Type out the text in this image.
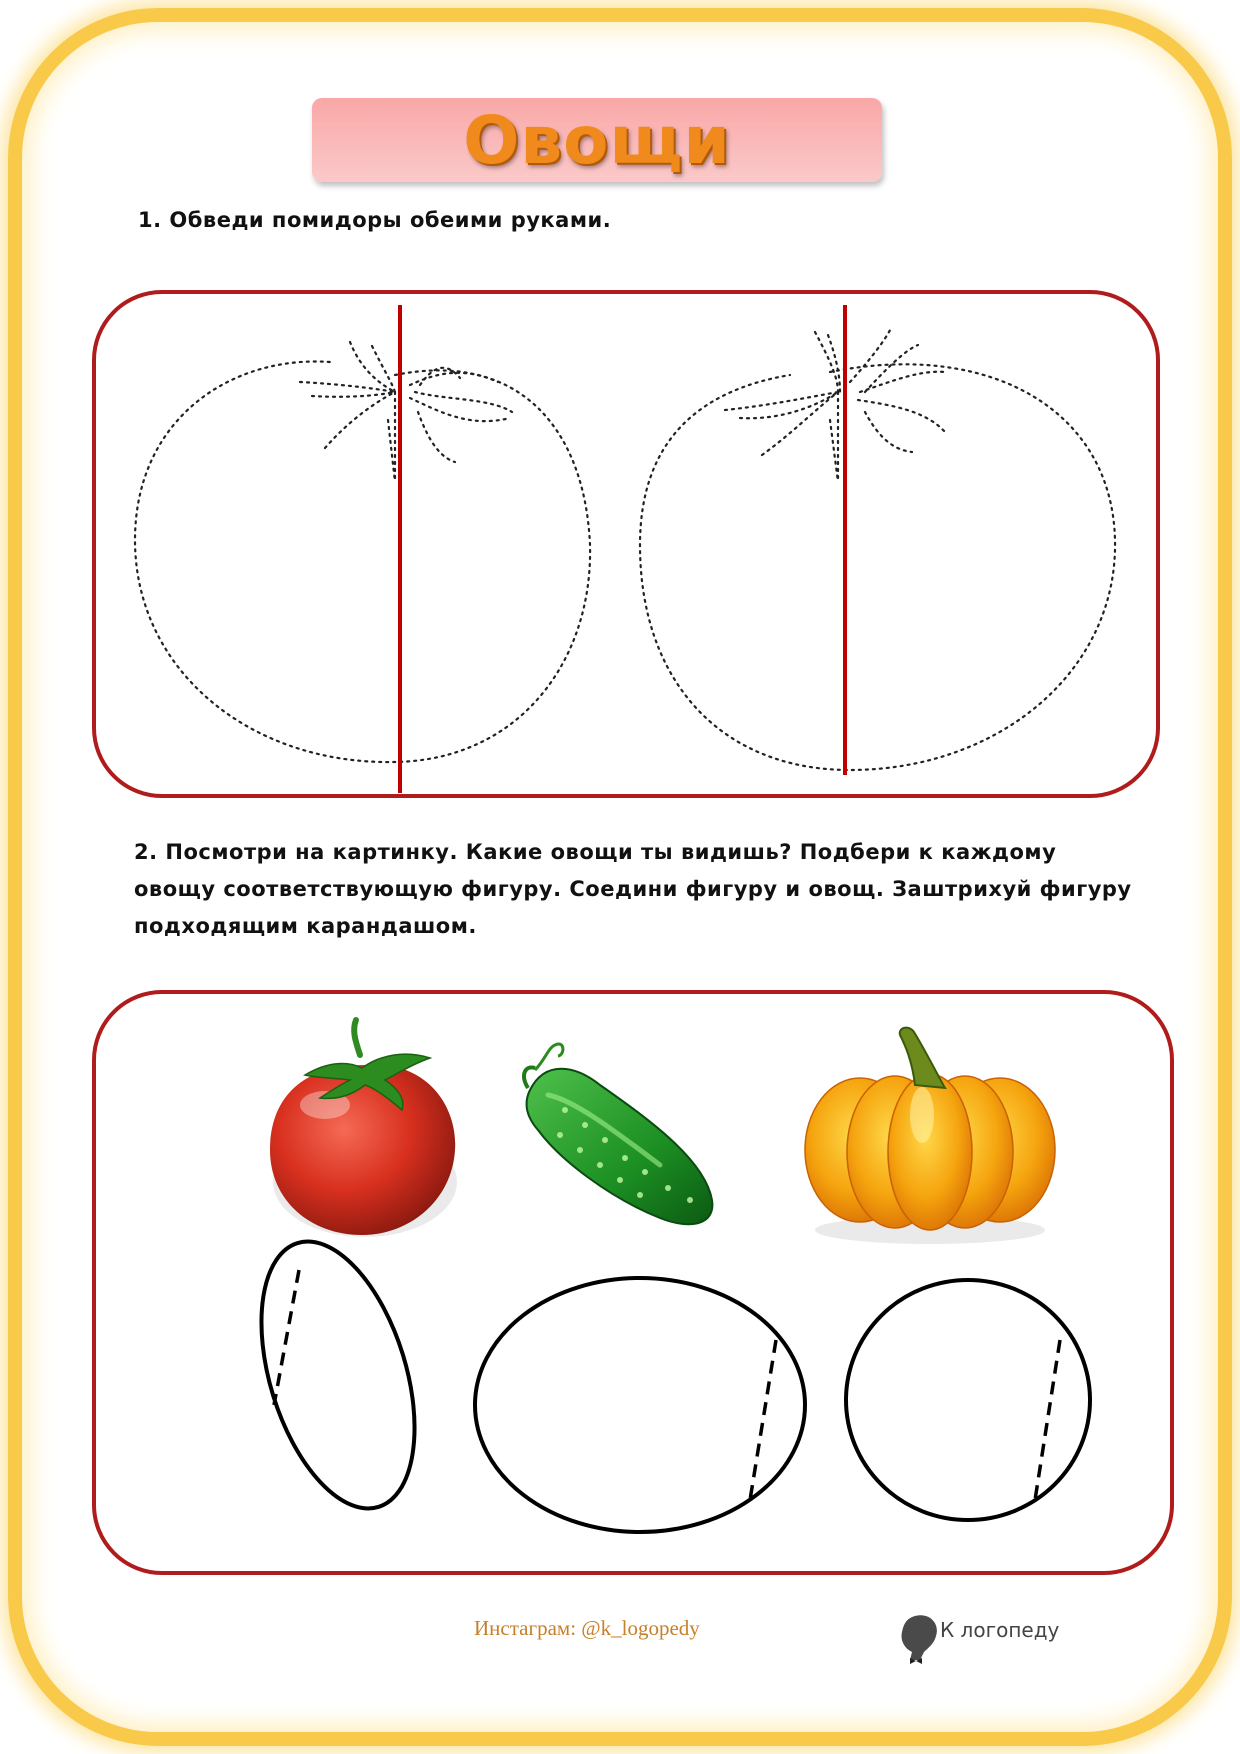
Овощи

1. Обведи помидоры обеими руками.

2. Посмотри на картинку. Какие овощи ты видишь? Подбери к каждому овощу соответствующую фигуру. Соедини фигуру и овощ. Заштрихуй фигуру подходящим карандашом.

Инстаграм: @k_logopedy	К логопеду
